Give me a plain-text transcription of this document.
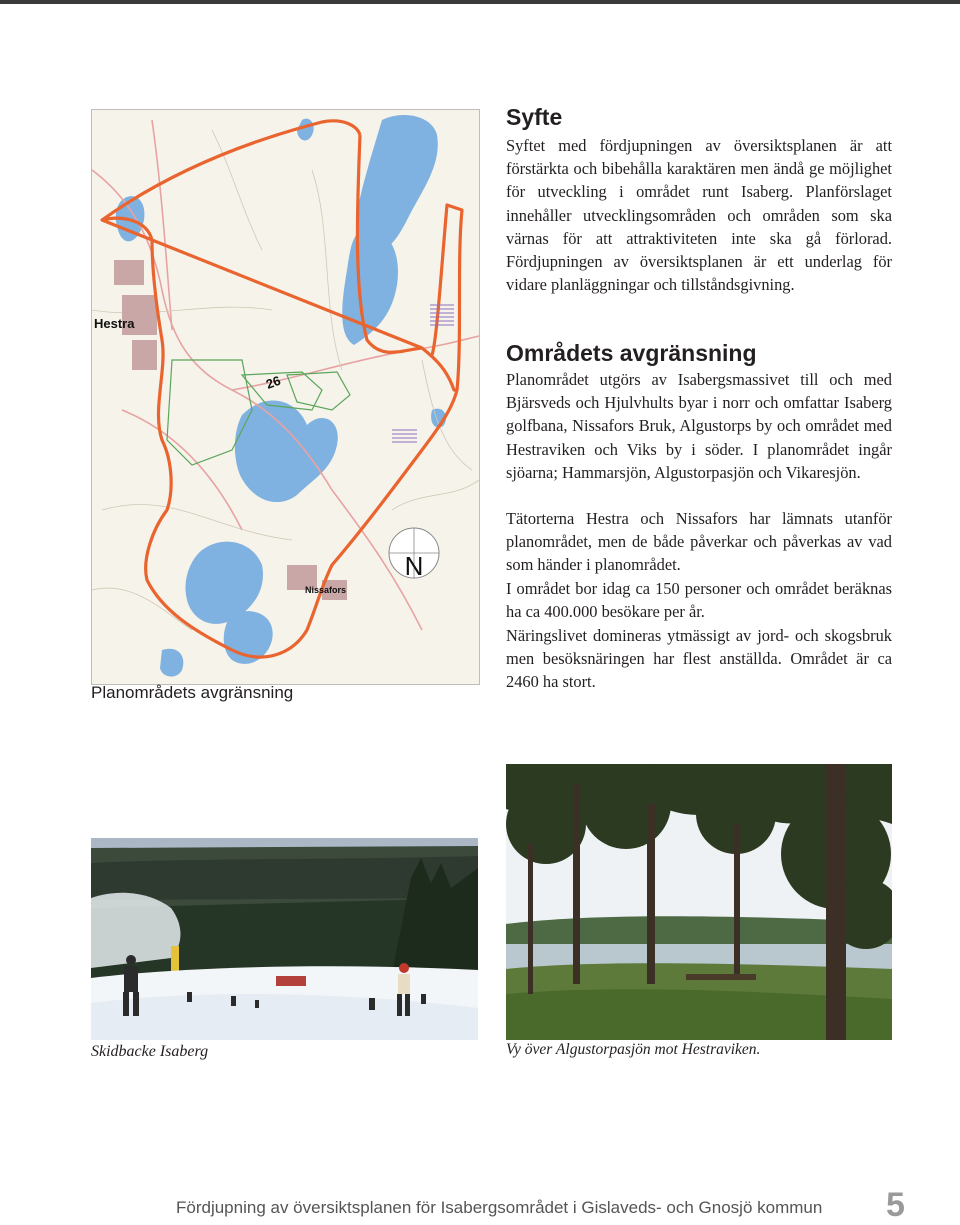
26
Hestra
Nissafors
N
Planområdets avgränsning
Syfte

Syftet med fördjupningen av översiktsplanen är att förstärkta och bibehålla karaktären men ändå ge möjlighet för utveckling i området runt Isaberg. Planförslaget innehåller utvecklingsområden och områden som ska värnas för att attraktiviteten inte ska gå förlorad. Fördjupningen av översiktsplanen är ett underlag för vidare planläggningar och tillståndsgivning.

Områdets avgränsning

Planområdet utgörs av Isabergsmassivet till och med Bjärsveds och Hjulvhults byar i norr och omfattar Isaberg golfbana, Nissafors Bruk, Algustorps by och området med Hestraviken och Viks by i söder. I planområdet ingår sjöarna; Hammarsjön, Algustorpasjön och Vikaresjön.

Tätorterna Hestra och Nissafors har lämnats utanför planområdet, men de både påverkar och påverkas av vad som händer i planområdet.

I området bor idag ca 150 personer och området beräknas ha ca 400.000 besökare per år.

Näringslivet domineras ytmässigt av jord- och skogsbruk men besöksnäringen har flest anställda. Området är ca 2460 ha stort.

Skidbacke Isaberg	Vy över Algustorpasjön mot Hestraviken.
Fördjupning av översiktsplanen för Isabergsområdet i Gislaveds- och Gnosjö kommun 5
